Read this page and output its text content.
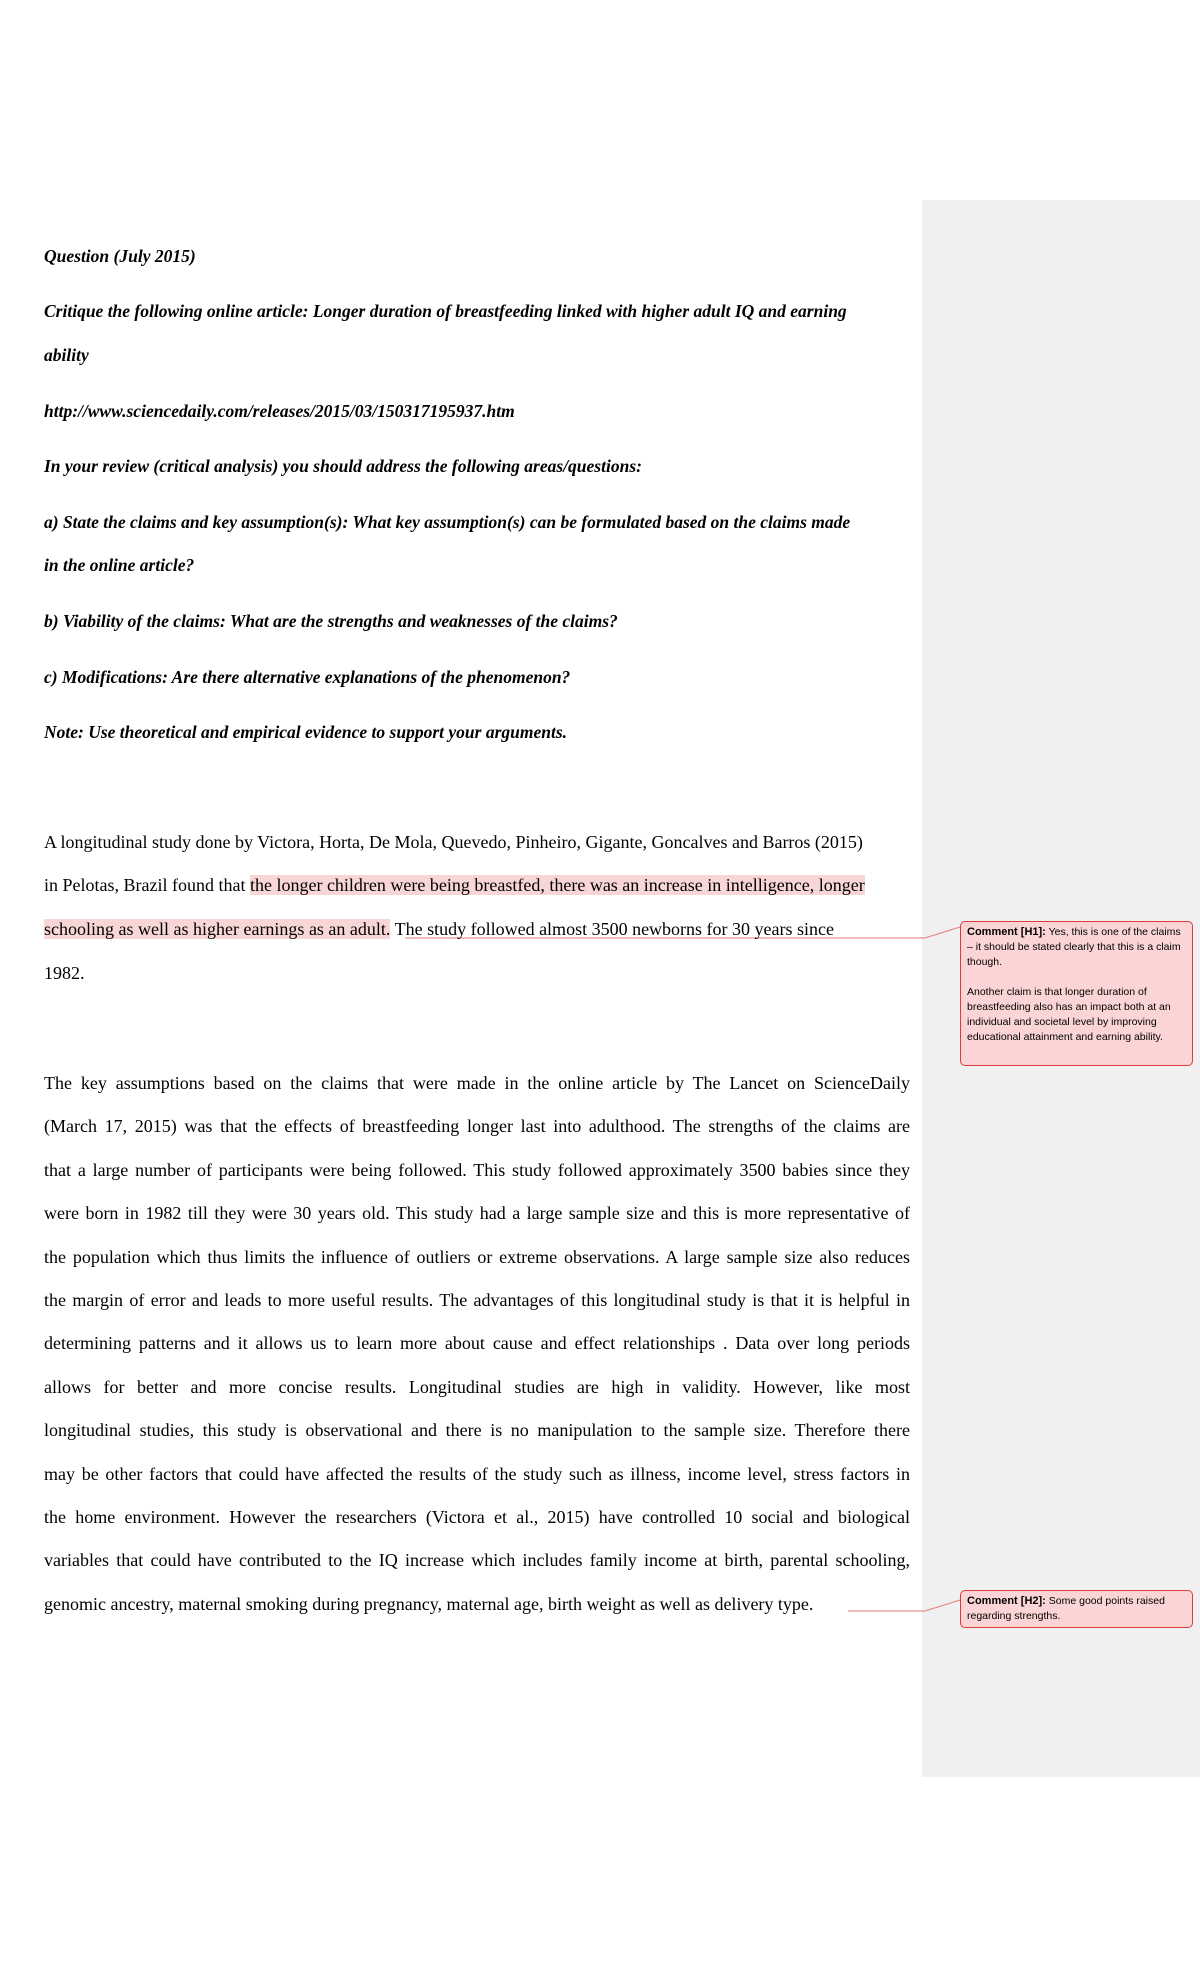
Question (July 2015)
Critique the following online article: Longer duration of breastfeeding linked with higher adult IQ and earning
ability
http://www.sciencedaily.com/releases/2015/03/150317195937.htm
In your review (critical analysis) you should address the following areas/questions:
a) State the claims and key assumption(s): What key assumption(s) can be formulated based on the claims made
in the online article?
b) Viability of the claims: What are the strengths and weaknesses of the claims?
c) Modifications: Are there alternative explanations of the phenomenon?
Note: Use theoretical and empirical evidence to support your arguments.
A longitudinal study done by Victora, Horta, De Mola, Quevedo, Pinheiro, Gigante, Goncalves and Barros (2015)
in Pelotas, Brazil found that the longer children were being breastfed, there was an increase in intelligence, longer
schooling as well as higher earnings as an adult. The study followed almost 3500 newborns for 30 years since
1982.
The key assumptions based on the claims that were made in the online article by The Lancet on ScienceDaily
(March 17, 2015) was that the effects of breastfeeding longer last into adulthood. The strengths of the claims are
that a large number of participants were being followed. This study followed approximately 3500 babies since they
were born in 1982 till they were 30 years old. This study had a large sample size and this is more representative of
the population which thus limits the influence of outliers or extreme observations. A large sample size also reduces
the margin of error and leads to more useful results. The advantages of this longitudinal study is that it is helpful in
determining patterns and it allows us to learn more about cause and effect relationships . Data over long periods
allows for better and more concise results. Longitudinal studies are high in validity. However, like most
longitudinal studies, this study is observational and there is no manipulation to the sample size. Therefore there
may be other factors that could have affected the results of the study such as illness, income level, stress factors in
the home environment. However the researchers (Victora et al., 2015) have controlled 10 social and biological
variables that could have contributed to the IQ increase which includes family income at birth, parental schooling,
genomic ancestry, maternal smoking during pregnancy, maternal age, birth weight as well as delivery type.

Comment [H1]: Yes, this is one of the claims – it should be stated clearly that this is a claim though.

Another claim is that longer duration of breastfeeding also has an impact both at an individual and societal level by improving educational attainment and earning ability.

Comment [H2]: Some good points raised regarding strengths.
